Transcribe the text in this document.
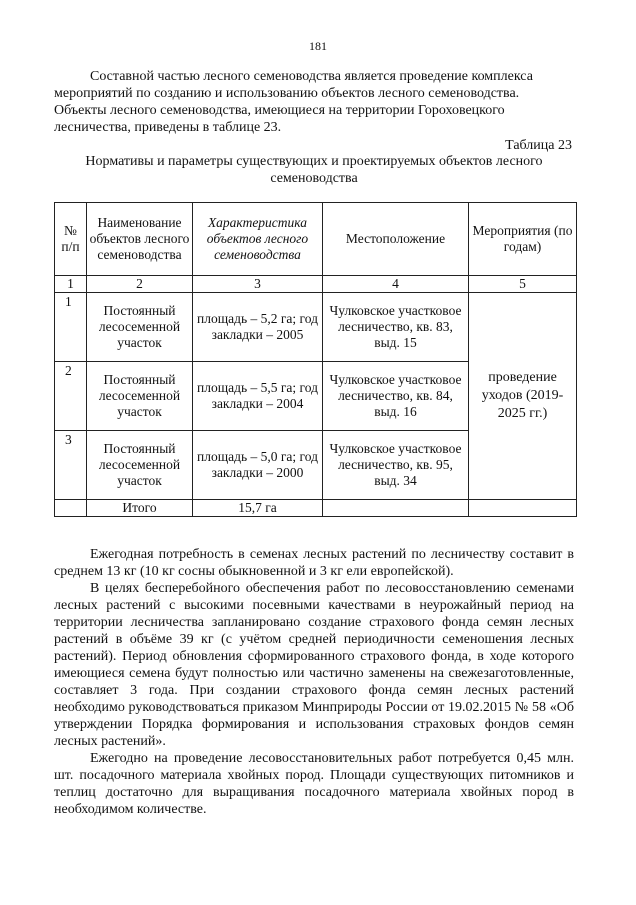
181

Составной частью лесного семеноводства является проведение комплекса мероприятий по созданию и использованию объектов лесного семеноводства. Объекты лесного семеноводства, имеющиеся на территории Гороховецкого лесничества, приведены в таблице 23.

Таблица 23
Нормативы и параметры существующих и проектируемых объектов лесного семеноводства
№ п/п	Наименование объектов лесного семеноводства	Характеристика объектов лесного семеноводства	Местоположение	Мероприятия (по годам)
1	2	3	4	5
1	Постоянный лесосеменной участок	площадь – 5,2 га; год закладки – 2005	Чулковское участковое лесничество, кв. 83, выд. 15	проведение уходов (2019- 2025 гг.)
2	Постоянный лесосеменной участок	площадь – 5,5 га; год закладки – 2004	Чулковское участковое лесничество, кв. 84, выд. 16	
3	Постоянный лесосеменной участок	площадь – 5,0 га; год закладки – 2000	Чулковское участковое лесничество, кв. 95, выд. 34	
	Итого	15,7 га		

Ежегодная потребность в семенах лесных растений по лесничеству составит в среднем 13 кг (10 кг сосны обыкновенной и 3 кг ели европейской).

В целях бесперебойного обеспечения работ по лесовосстановлению семенами лесных растений с высокими посевными качествами в неурожайный период на территории лесничества запланировано создание страхового фонда семян лесных растений в объёме 39 кг (с учётом средней периодичности семеношения лесных растений). Период обновления сформированного страхового фонда, в ходе которого имеющиеся семена будут полностью или частично заменены на свежезаготовленные, составляет 3 года. При создании страхового фонда семян лесных растений необходимо руководствоваться приказом Минприроды России от 19.02.2015 № 58 «Об утверждении Порядка формирования и использования страховых фондов семян лесных растений».

Ежегодно на проведение лесовосстановительных работ потребуется 0,45 млн. шт. посадочного материала хвойных пород. Площади существующих питомников и теплиц достаточно для выращивания посадочного материала хвойных пород в необходимом количестве.
